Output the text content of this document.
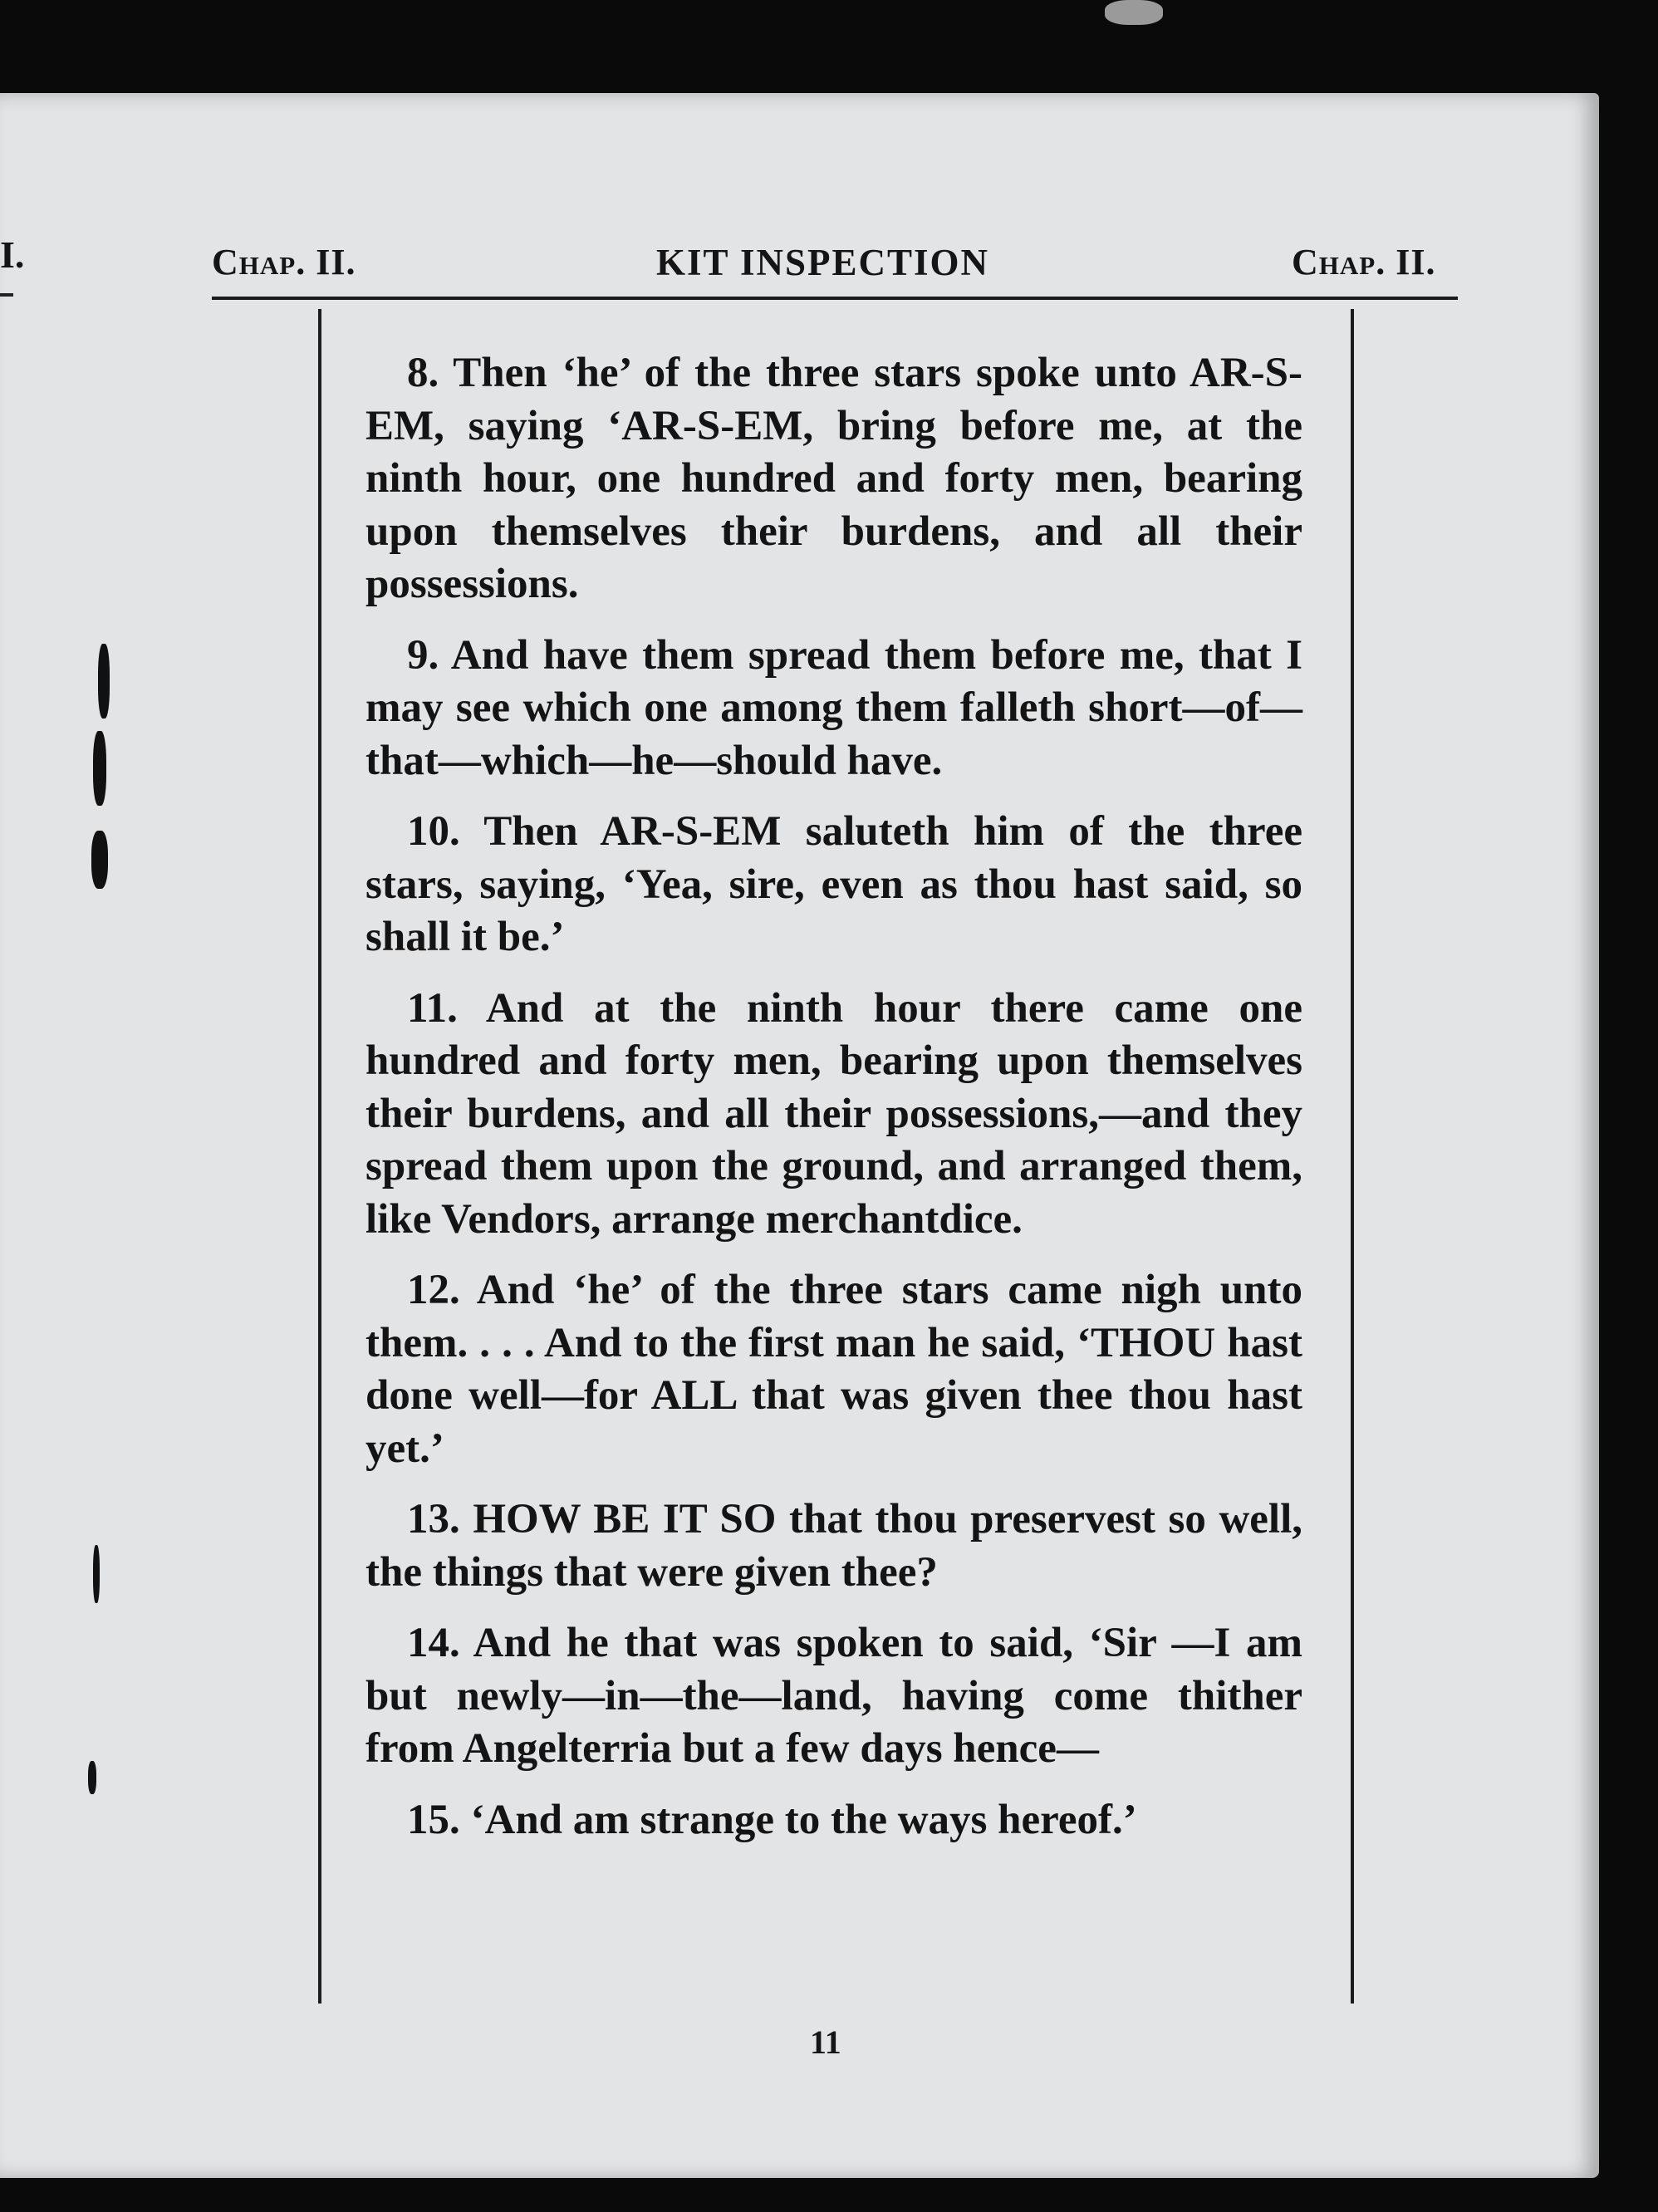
I.	Chap. II.	KIT INSPECTION	Chap. II.

8. Then ‘he’ of the three stars spoke unto AR-S-EM, saying ‘AR-S-EM, bring before me, at the ninth hour, one hundred and forty men, bearing upon themselves their burdens, and all their possessions.

9. And have them spread them before me, that I may see which one among them falleth short—of—that—which—he—should have.

10. Then AR-S-EM saluteth him of the three stars, saying, ‘Yea, sire, even as thou hast said, so shall it be.’

11. And at the ninth hour there came one hundred and forty men, bearing upon themselves their burdens, and all their possessions,—and they spread them upon the ground, and arranged them, like Vendors, arrange merchantdice.

12. And ‘he’ of the three stars came nigh unto them. . . . And to the first man he said, ‘THOU hast done well—for ALL that was given thee thou hast yet.’

13. HOW BE IT SO that thou preservest so well, the things that were given thee?

14. And he that was spoken to said, ‘Sir —I am but newly—in—the—land, having come thither from Angelterria but a few days hence—

15. ‘And am strange to the ways hereof.’

11
